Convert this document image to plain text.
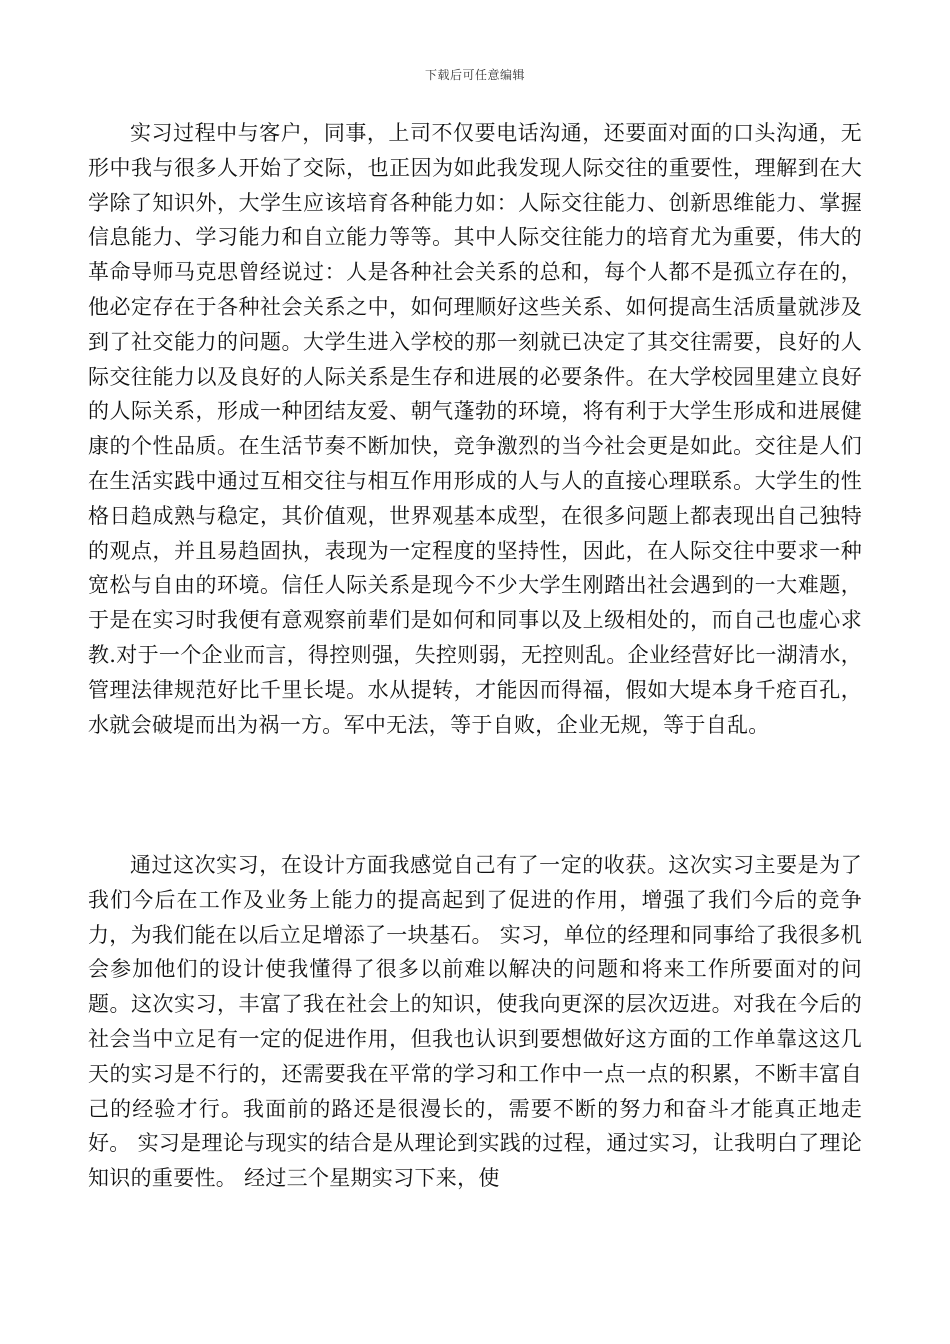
下载后可任意编辑

实习过程中与客户，同事，上司不仅要电话沟通，还要面对面的口头沟通，无形中我与很多人开始了交际，也正因为如此我发现人际交往的重要性，理解到在大学除了知识外，大学生应该培育各种能力如：人际交往能力、创新思维能力、掌握信息能力、学习能力和自立能力等等。其中人际交往能力的培育尤为重要，伟大的革命导师马克思曾经说过：人是各种社会关系的总和，每个人都不是孤立存在的，他必定存在于各种社会关系之中，如何理顺好这些关系、如何提高生活质量就涉及到了社交能力的问题。大学生进入学校的那一刻就已决定了其交往需要，良好的人际交往能力以及良好的人际关系是生存和进展的必要条件。在大学校园里建立良好的人际关系，形成一种团结友爱、朝气蓬勃的环境，将有利于大学生形成和进展健康的个性品质。在生活节奏不断加快，竞争激烈的当今社会更是如此。交往是人们在生活实践中通过互相交往与相互作用形成的人与人的直接心理联系。大学生的性格日趋成熟与稳定，其价值观，世界观基本成型，在很多问题上都表现出自己独特的观点，并且易趋固执，表现为一定程度的坚持性，因此，在人际交往中要求一种宽松与自由的环境。信任人际关系是现今不少大学生刚踏出社会遇到的一大难题，于是在实习时我便有意观察前辈们是如何和同事以及上级相处的，而自己也虚心求教.对于一个企业而言，得控则强，失控则弱，无控则乱。企业经营好比一湖清水，管理法律规范好比千里长堤。水从提转，才能因而得福，假如大堤本身千疮百孔，水就会破堤而出为祸一方。军中无法，等于自败，企业无规，等于自乱。

通过这次实习，在设计方面我感觉自己有了一定的收获。这次实习主要是为了我们今后在工作及业务上能力的提高起到了促进的作用，增强了我们今后的竞争力，为我们能在以后立足增添了一块基石。 实习，单位的经理和同事给了我很多机会参加他们的设计使我懂得了很多以前难以解决的问题和将来工作所要面对的问题。这次实习，丰富了我在社会上的知识，使我向更深的层次迈进。对我在今后的社会当中立足有一定的促进作用，但我也认识到要想做好这方面的工作单靠这这几天的实习是不行的，还需要我在平常的学习和工作中一点一点的积累，不断丰富自己的经验才行。我面前的路还是很漫长的，需要不断的努力和奋斗才能真正地走好。 实习是理论与现实的结合是从理论到实践的过程，通过实习，让我明白了理论知识的重要性。 经过三个星期实习下来，使
